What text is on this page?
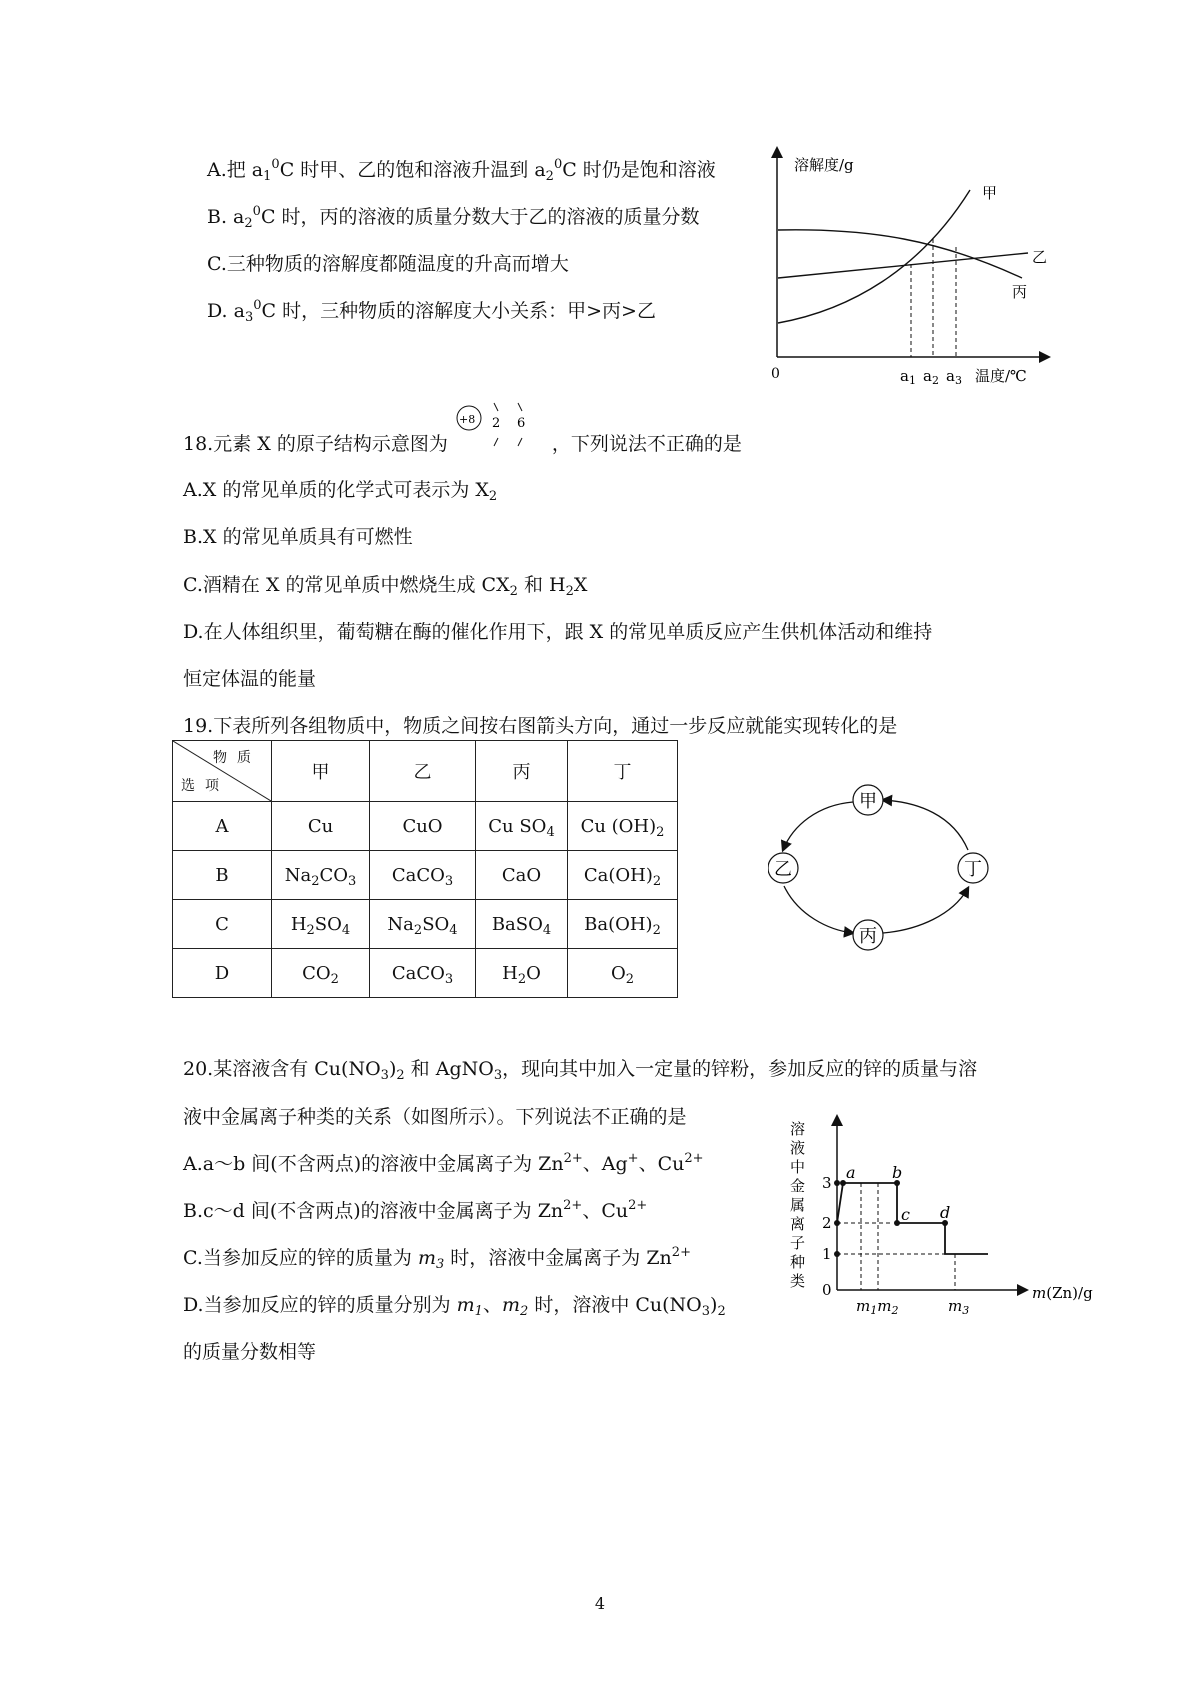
A.把 $a_1^0C$ 时甲、乙的饱和溶液升温到 $a_2^0C$ 时仍是饱和溶液
B. $a_2^0C$ 时，丙的溶液的质量分数大于乙的溶液的质量分数
C.三种物质的溶解度都随温度的升高而增大
D. $a_3^0C$ 时，三种物质的溶解度大小关系：甲>丙>乙
溶解度/g
0
甲
乙
丙
$a_1$ $a_2$ $a_3$ 温度/℃
18.元素 X 的原子结构示意图为
+8 2 6
，下列说法不正确的是
A.X 的常见单质的化学式可表示为 $X_2$
B.X 的常见单质具有可燃性
C.酒精在 X 的常见单质中燃烧生成 $CX_2$ 和 $H_2X$
D.在人体组织里，葡萄糖在酶的催化作用下，跟 X 的常见单质反应产生供机体活动和维持
恒定体温的能量
19.下表所列各组物质中，物质之间按右图箭头方向，通过一步反应就能实现转化的是
物质
选项	甲	乙	丙	丁
A	Cu	CuO	Cu $SO_4$	Cu $(OH)_2$
B	$Na_2CO_3$	CaCO$_3$	CaO	$Ca(OH)_2$
C	$H_2SO_4$	$Na_2SO_4$	BaSO$_4$	$Ba(OH)_2$
D	$CO_2$	CaCO$_3$	$H_2O$	$O_2$
甲
乙
丙
丁
20.某溶液含有 $Cu(NO_3)_2$ 和 AgNO$_3$，现向其中加入一定量的锌粉，参加反应的锌的质量与溶
液中金属离子种类的关系（如图所示）。下列说法不正确的是
A.a～b 间(不含两点)的溶液中金属离子为 $Zn^{2+}$、Ag+、$Cu^{2+}$
B.c～d 间(不含两点)的溶液中金属离子为 $Zn^{2+}$、$Cu^{2+}$
C.当参加反应的锌的质量为 $m_3$ 时，溶液中金属离子为 $Zn^{2+}$
D.当参加反应的锌的质量分别为 $m_1$、$m_2$ 时，溶液中 $Cu(NO_3)_2$
的质量分数相等
溶
液
中
金
属
离
子
种
类
3
2
1
0
a b
c d
$m_1m_2$	$m_3$
m(Zn)/g
4
